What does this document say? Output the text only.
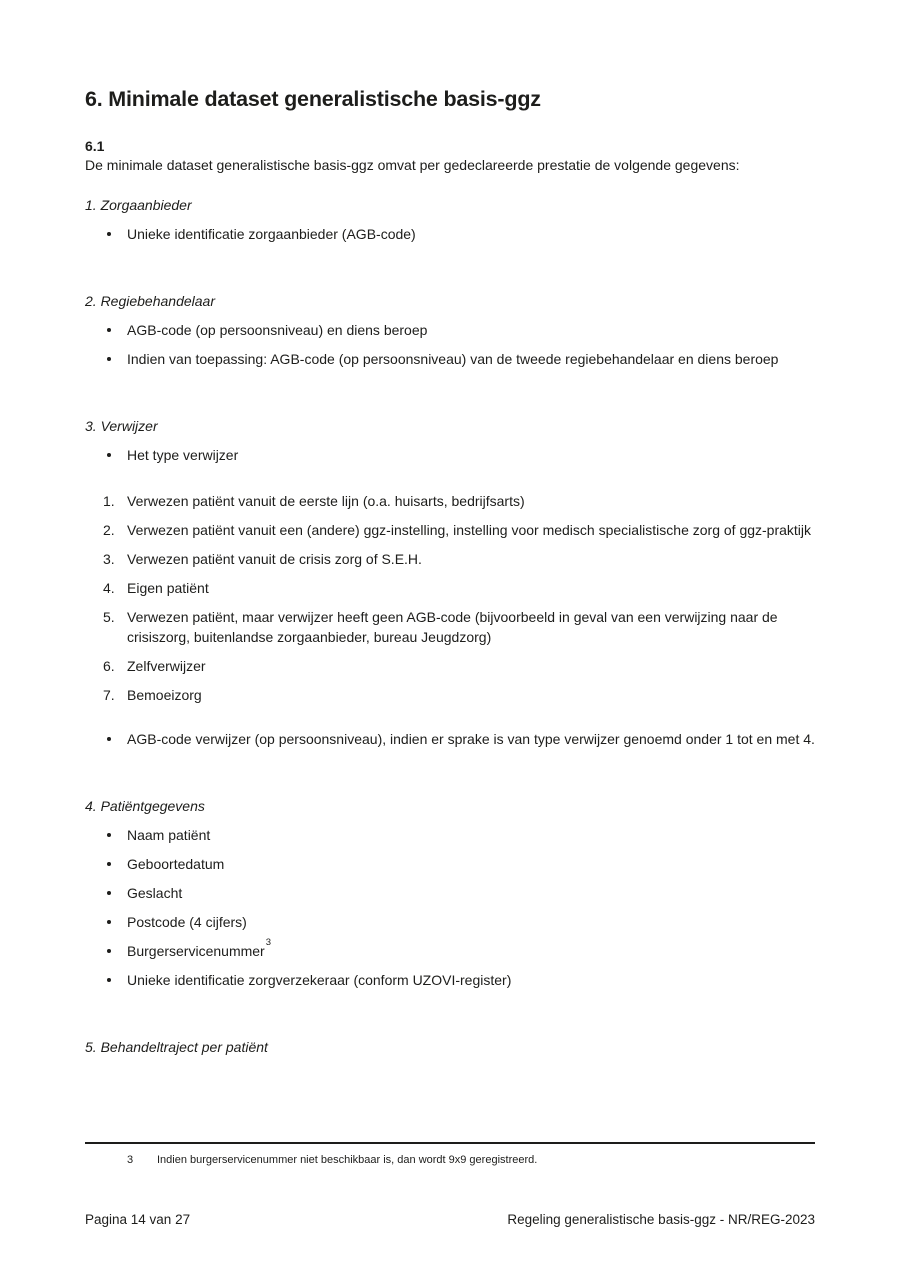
6. Minimale dataset generalistische basis-ggz
6.1
De minimale dataset generalistische basis-ggz omvat per gedeclareerde prestatie de volgende gegevens:
1. Zorgaanbieder
Unieke identificatie zorgaanbieder (AGB-code)
2. Regiebehandelaar
AGB-code (op persoonsniveau) en diens beroep
Indien van toepassing: AGB-code (op persoonsniveau) van de tweede regiebehandelaar en diens beroep
3. Verwijzer
Het type verwijzer
1. Verwezen patiënt vanuit de eerste lijn (o.a. huisarts, bedrijfsarts)
2. Verwezen patiënt vanuit een (andere) ggz-instelling, instelling voor medisch specialistische zorg of ggz-praktijk
3. Verwezen patiënt vanuit de crisis zorg of S.E.H.
4. Eigen patiënt
5. Verwezen patiënt, maar verwijzer heeft geen AGB-code (bijvoorbeeld in geval van een verwijzing naar de crisiszorg, buitenlandse zorgaanbieder, bureau Jeugdzorg)
6. Zelfverwijzer
7. Bemoeizorg
AGB-code verwijzer (op persoonsniveau), indien er sprake is van type verwijzer genoemd onder 1 tot en met 4.
4. Patiëntgegevens
Naam patiënt
Geboortedatum
Geslacht
Postcode (4 cijfers)
Burgerservicenummer$^3$
Unieke identificatie zorgverzekeraar (conform UZOVI-register)
5. Behandeltraject per patiënt
3	Indien burgerservicenummer niet beschikbaar is, dan wordt 9x9 geregistreerd.
Pagina 14 van 27	Regeling generalistische basis-ggz - NR/REG-2023
